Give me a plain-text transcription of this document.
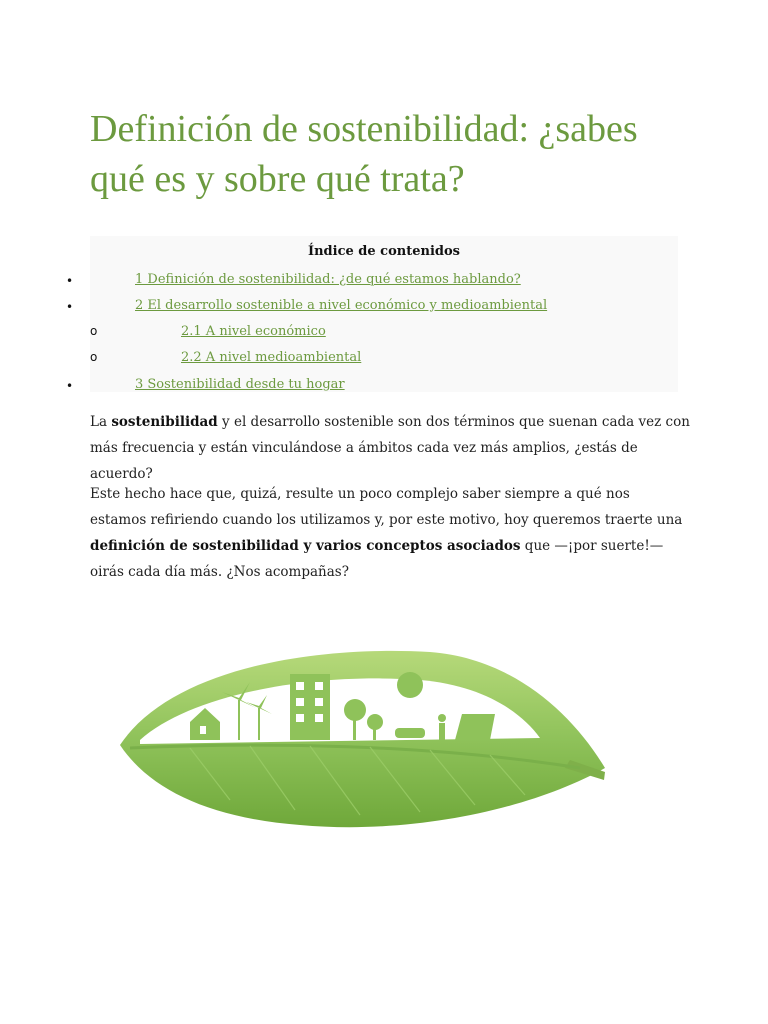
Definición de sostenibilidad: ¿sabes qué es y sobre qué trata?
Índice de contenidos
•	1 Definición de sostenibilidad: ¿de qué estamos hablando?
•	2 El desarrollo sostenible a nivel económico y medioambiental
o	2.1 A nivel económico
o	2.2 A nivel medioambiental
•	3 Sostenibilidad desde tu hogar

La sostenibilidad y el desarrollo sostenible son dos términos que suenan cada vez con más frecuencia y están vinculándose a ámbitos cada vez más amplios, ¿estás de acuerdo?

Este hecho hace que, quizá, resulte un poco complejo saber siempre a qué nos estamos refiriendo cuando los utilizamos y, por este motivo, hoy queremos traerte una definición de sostenibilidad y varios conceptos asociados que —¡por suerte!— oirás cada día más. ¿Nos acompañas?
